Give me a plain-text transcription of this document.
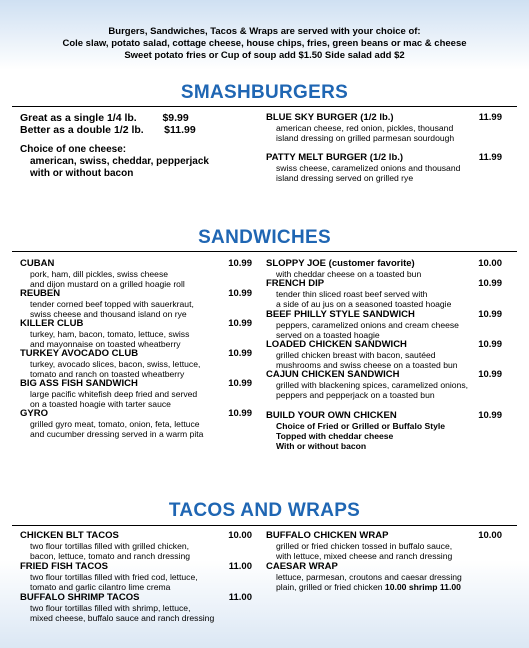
Burgers, Sandwiches, Tacos & Wraps are served with your choice of:
Cole slaw, potato salad, cottage cheese, house chips, fries, green beans or mac & cheese
Sweet potato fries or Cup of soup add $1.50 Side salad add $2
SMASHBURGERS
Great as a single 1/4 lb. $9.99
Better as a double 1/2 lb. $11.99
Choice of one cheese:
american, swiss, cheddar, pepperjack
with or without bacon
SANDWICHES
TACOS AND WRAPS
BLUE SKY BURGER (1/2 lb.)	11.99
american cheese, red onion, pickles, thousand
island dressing on grilled parmesan sourdough
PATTY MELT BURGER (1/2 lb.)	11.99
swiss cheese, caramelized onions and thousand
island dressing served on grilled rye
CUBAN	10.99
pork, ham, dill pickles, swiss cheese
and dijon mustard on a grilled hoagie roll
REUBEN	10.99
tender corned beef topped with sauerkraut,
swiss cheese and thousand island on rye
KILLER CLUB	10.99
turkey, ham, bacon, tomato, lettuce, swiss
and mayonnaise on toasted wheatberry
TURKEY AVOCADO CLUB	10.99
turkey, avocado slices, bacon, swiss, lettuce,
tomato and ranch on toasted wheatberry
BIG ASS FISH SANDWICH	10.99
large pacific whitefish deep fried and served
on a toasted hoagie with tarter sauce
GYRO	10.99
grilled gyro meat, tomato, onion, feta, lettuce
and cucumber dressing served in a warm pita
SLOPPY JOE (customer favorite)	10.00
with cheddar cheese on a toasted bun
FRENCH DIP	10.99
tender thin sliced roast beef served with
a side of au jus on a seasoned toasted hoagie
BEEF PHILLY STYLE SANDWICH	10.99
peppers, caramelized onions and cream cheese
served on a toasted hoagie
LOADED CHICKEN SANDWICH	10.99
grilled chicken breast with bacon, sautéed
mushrooms and swiss cheese on a toasted bun
CAJUN CHICKEN SANDWICH	10.99
grilled with blackening spices, caramelized onions,
peppers and pepperjack on a toasted bun
BUILD YOUR OWN CHICKEN	10.99
Choice of Fried or Grilled or Buffalo Style
Topped with cheddar cheese
With or without bacon
CHICKEN BLT TACOS	10.00
two flour tortillas filled with grilled chicken,
bacon, lettuce, tomato and ranch dressing
FRIED FISH TACOS	11.00
two flour tortillas filled with fried cod, lettuce,
tomato and garlic cilantro lime crema
BUFFALO SHRIMP TACOS	11.00
two flour tortillas filled with shrimp, lettuce,
mixed cheese, buffalo sauce and ranch dressing
BUFFALO CHICKEN WRAP	10.00
grilled or fried chicken tossed in buffalo sauce,
with lettuce, mixed cheese and ranch dressing
CAESAR WRAP
lettuce, parmesan, croutons and caesar dressing
plain, grilled or fried chicken 10.00 shrimp 11.00
